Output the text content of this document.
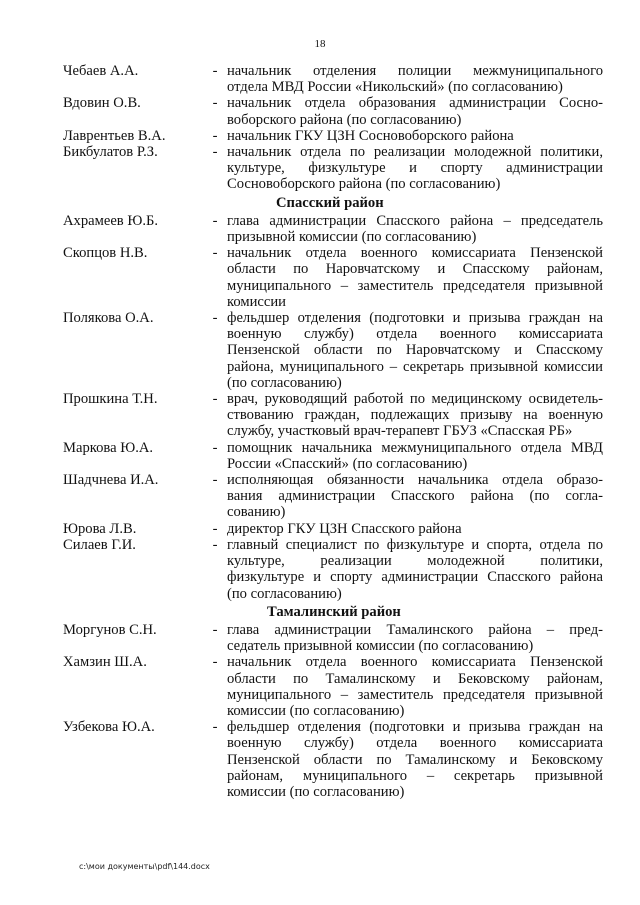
18
Чебаев А.А.	- начальник отделения полиции межмуниципального
отдела МВД России «Никольский» (по согласованию)
Вдовин О.В.	- начальник отдела образования администрации Сосно-
воборского района (по согласованию)
Лаврентьев В.А.	- начальник ГКУ ЦЗН Сосновоборского района
Бикбулатов Р.З.	- начальник отдела по реализации молодежной политики,
культуре, физкультуре и спорту администрации
Сосновоборского района (по согласованию)
Спасский район
Ахрамеев Ю.Б.	- глава администрации Спасского района – председатель
призывной комиссии (по согласованию)
Скопцов Н.В.	- начальник отдела военного комиссариата Пензенской
области по Наровчатскому и Спасскому районам,
муниципального – заместитель председателя призывной
комиссии
Полякова О.А.	- фельдшер отделения (подготовки и призыва граждан на
военную службу) отдела военного комиссариата
Пензенской области по Наровчатскому и Спасскому
района, муниципального – секретарь призывной комиссии
(по согласованию)
Прошкина Т.Н.	- врач, руководящий работой по медицинскому освидетель-
ствованию граждан, подлежащих призыву на военную
службу, участковый врач-терапевт ГБУЗ «Спасская РБ»
Маркова Ю.А.	- помощник начальника межмуниципального отдела МВД
России «Спасский» (по согласованию)
Шадчнева И.А.	- исполняющая обязанности начальника отдела образо-
вания администрации Спасского района (по согла-
сованию)
Юрова Л.В.	- директор ГКУ ЦЗН Спасского района
Силаев Г.И.	- главный специалист по физкультуре и спорта, отдела по
культуре, реализации молодежной политики,
физкультуре и спорту администрации Спасского района
(по согласованию)
Тамалинский район
Моргунов С.Н.	- глава администрации Тамалинского района – пред-
седатель призывной комиссии (по согласованию)
Хамзин Ш.А.	- начальник отдела военного комиссариата Пензенской
области по Тамалинскому и Бековскому районам,
муниципального – заместитель председателя призывной
комиссии (по согласованию)
Узбекова Ю.А.	- фельдшер отделения (подготовки и призыва граждан на
военную службу) отдела военного комиссариата
Пензенской области по Тамалинскому и Бековскому
районам, муниципального – секретарь призывной
комиссии (по согласованию)
c:\мои документы\pdf\144.docx
